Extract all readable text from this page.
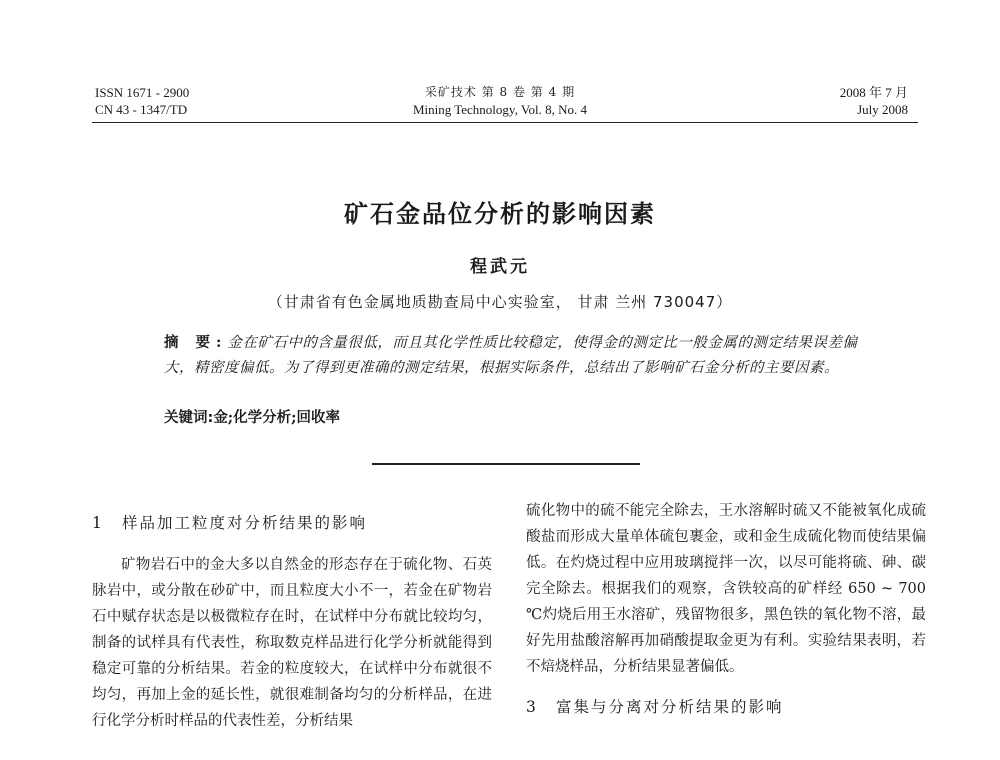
ISSN 1671 - 2900
CN 43 - 1347/TD
采矿技术 第 8 卷 第 4 期
Mining Technology, Vol. 8, No. 4
2008 年 7 月
July 2008
矿石金品位分析的影响因素
程武元
（甘肃省有色金属地质勘查局中心实验室， 甘肃 兰州 730047）
摘 要:金在矿石中的含量很低，而且其化学性质比较稳定，使得金的测定比一般金属的测定结果误差偏大，精密度偏低。为了得到更准确的测定结果，根据实际条件，总结出了影响矿石金分析的主要因素。
关键词:金;化学分析;回收率
1 样品加工粒度对分析结果的影响

矿物岩石中的金大多以自然金的形态存在于硫化物、石英脉岩中，或分散在砂矿中，而且粒度大小不一，若金在矿物岩石中赋存状态是以极微粒存在时，在试样中分布就比较均匀，制备的试样具有代表性，称取数克样品进行化学分析就能得到稳定可靠的分析结果。若金的粒度较大，在试样中分布就很不均匀，再加上金的延长性，就很难制备均匀的分析样品，在进行化学分析时样品的代表性差，分析结果

硫化物中的硫不能完全除去，王水溶解时硫又不能被氧化成硫酸盐而形成大量单体硫包裹金，或和金生成硫化物而使结果偏低。在灼烧过程中应用玻璃搅拌一次，以尽可能将硫、砷、碳完全除去。根据我们的观察，含铁较高的矿样经 650 ~ 700 ℃灼烧后用王水溶矿，残留物很多，黑色铁的氧化物不溶，最好先用盐酸溶解再加硝酸提取金更为有利。实验结果表明，若不焙烧样品，分析结果显著偏低。

3 富集与分离对分析结果的影响
